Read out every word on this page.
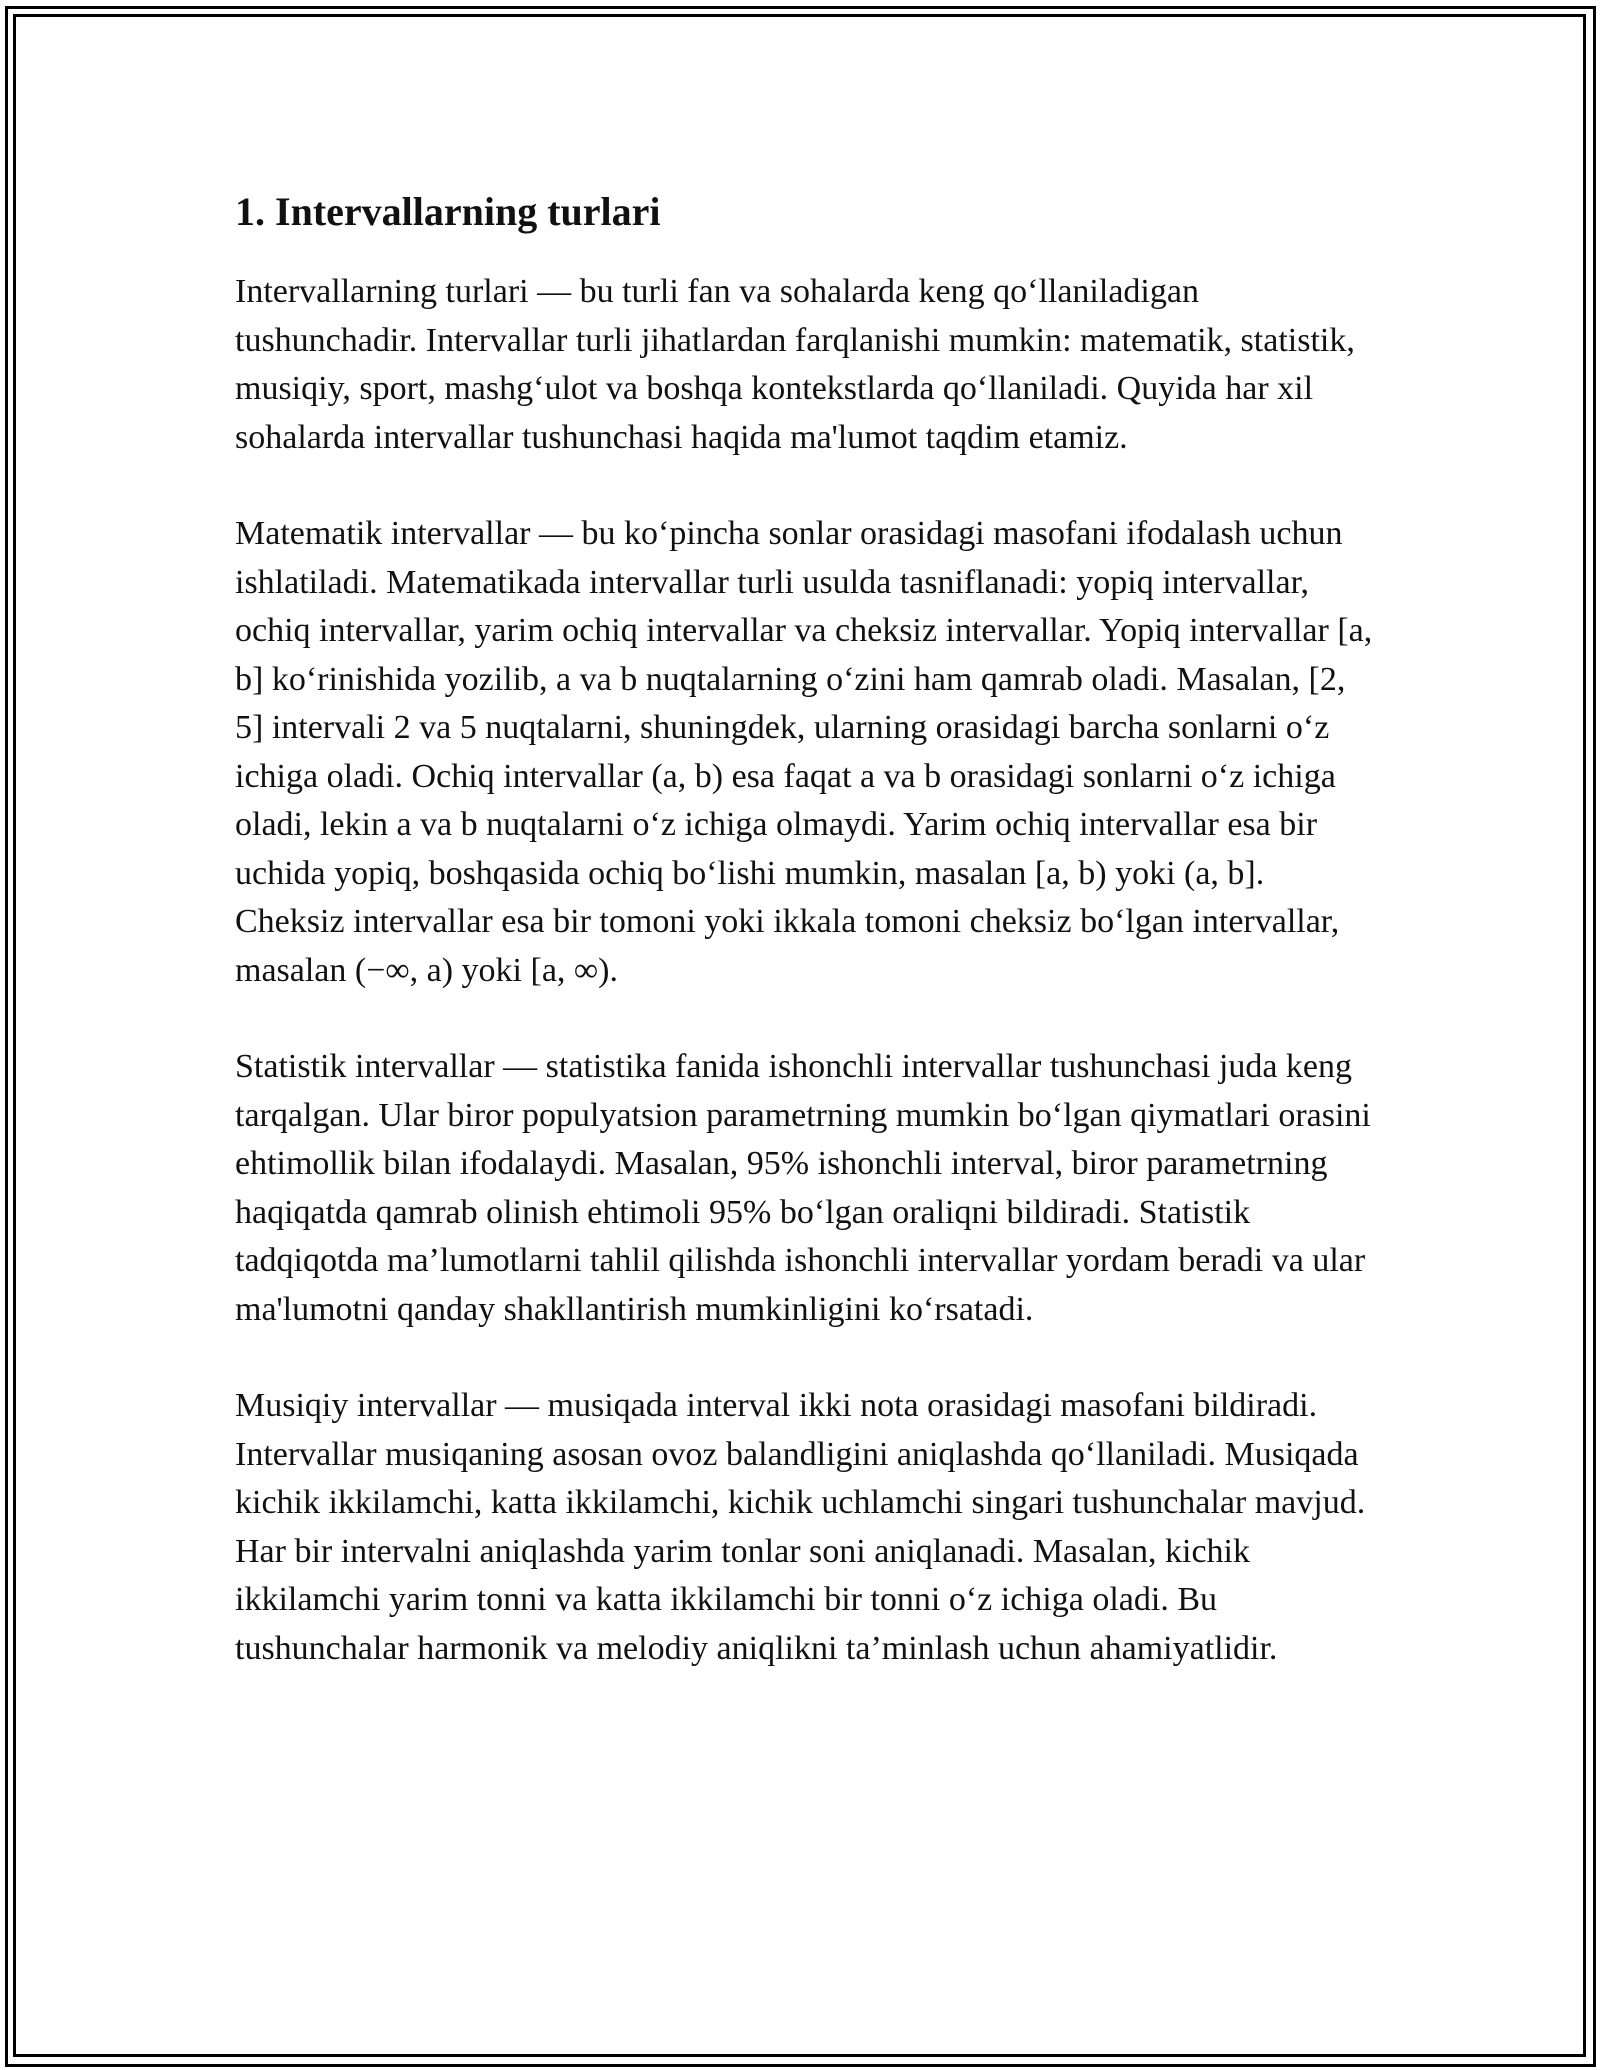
1. Intervallarning turlari

Intervallarning turlari — bu turli fan va sohalarda keng qo‘llaniladigan tushunchadir. Intervallar turli jihatlardan farqlanishi mumkin: matematik, statistik, musiqiy, sport, mashg‘ulot va boshqa kontekstlarda qo‘llaniladi. Quyida har xil sohalarda intervallar tushunchasi haqida ma'lumot taqdim etamiz.

Matematik intervallar — bu ko‘pincha sonlar orasidagi masofani ifodalash uchun ishlatiladi. Matematikada intervallar turli usulda tasniflanadi: yopiq intervallar, ochiq intervallar, yarim ochiq intervallar va cheksiz intervallar. Yopiq intervallar [a, b] ko‘rinishida yozilib, a va b nuqtalarning o‘zini ham qamrab oladi. Masalan, [2, 5] intervali 2 va 5 nuqtalarni, shuningdek, ularning orasidagi barcha sonlarni o‘z ichiga oladi. Ochiq intervallar (a, b) esa faqat a va b orasidagi sonlarni o‘z ichiga oladi, lekin a va b nuqtalarni o‘z ichiga olmaydi. Yarim ochiq intervallar esa bir uchida yopiq, boshqasida ochiq bo‘lishi mumkin, masalan [a, b) yoki (a, b]. Cheksiz intervallar esa bir tomoni yoki ikkala tomoni cheksiz bo‘lgan intervallar, masalan (−∞, a) yoki [a, ∞).

Statistik intervallar — statistika fanida ishonchli intervallar tushunchasi juda keng tarqalgan. Ular biror populyatsion parametrning mumkin bo‘lgan qiymatlari orasini ehtimollik bilan ifodalaydi. Masalan, 95% ishonchli interval, biror parametrning haqiqatda qamrab olinish ehtimoli 95% bo‘lgan oraliqni bildiradi. Statistik tadqiqotda ma’lumotlarni tahlil qilishda ishonchli intervallar yordam beradi va ular ma'lumotni qanday shakllantirish mumkinligini ko‘rsatadi.

Musiqiy intervallar — musiqada interval ikki nota orasidagi masofani bildiradi. Intervallar musiqaning asosan ovoz balandligini aniqlashda qo‘llaniladi. Musiqada kichik ikkilamchi, katta ikkilamchi, kichik uchlamchi singari tushunchalar mavjud. Har bir intervalni aniqlashda yarim tonlar soni aniqlanadi. Masalan, kichik ikkilamchi yarim tonni va katta ikkilamchi bir tonni o‘z ichiga oladi. Bu tushunchalar harmonik va melodiy aniqlikni ta’minlash uchun ahamiyatlidir.
